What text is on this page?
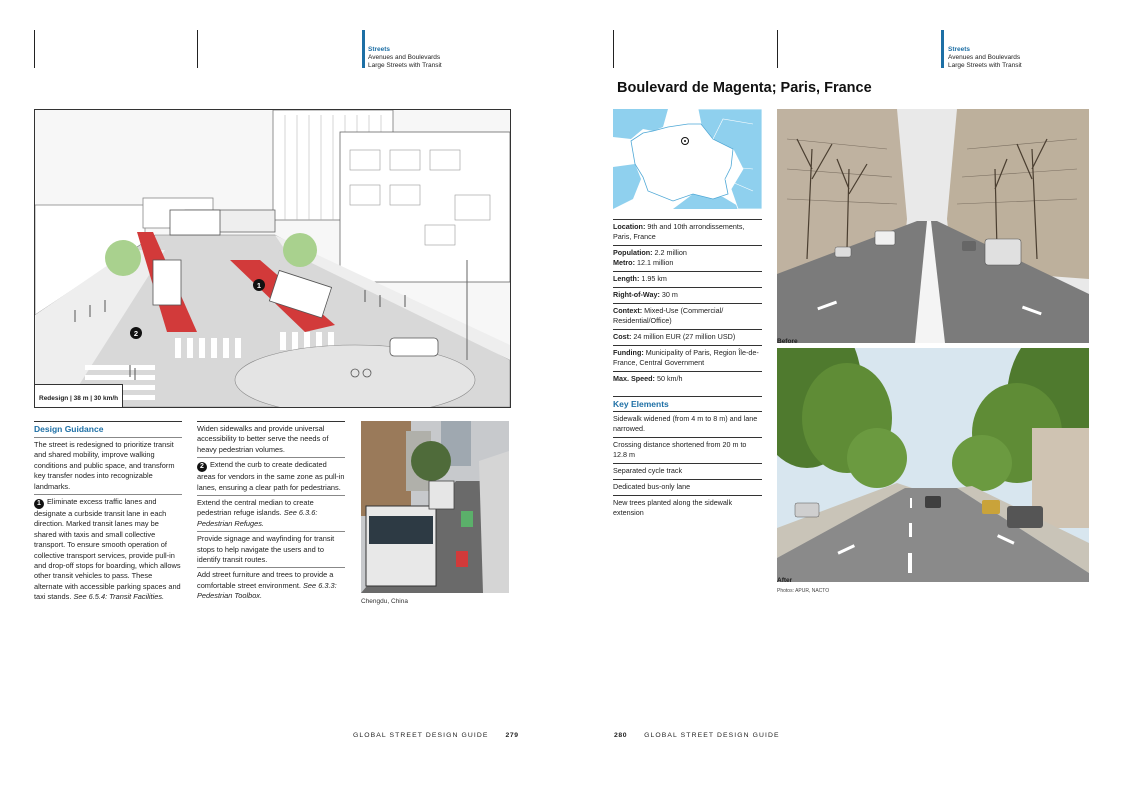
Streets
Avenues and Boulevards
Large Streets with Transit
1
2
Redesign | 38 m | 30 km/h
Design Guidance
The street is redesigned to prioritize transit and shared mobility, improve walking conditions and public space, and transform key transfer nodes into recognizable landmarks.
1 Eliminate excess traffic lanes and designate a curbside transit lane in each direction. Marked transit lanes may be shared with taxis and small collective transport. To ensure smooth operation of collective transport services, provide pull-in and drop-off stops for boarding, which allows other transit vehicles to pass. These alternate with accessible parking spaces and taxi stands. See 6.5.4: Transit Facilities.
Widen sidewalks and provide universal accessibility to better serve the needs of heavy pedestrian volumes.
2 Extend the curb to create dedicated areas for vendors in the same zone as pull-in lanes, ensuring a clear path for pedestrians.
Extend the central median to create pedestrian refuge islands. See 6.3.6: Pedestrian Refuges.
Provide signage and wayfinding for transit stops to help navigate the users and to identify transit routes.
Add street furniture and trees to provide a comfortable street environment. See 6.3.3: Pedestrian Toolbox.
Chengdu, China
GLOBAL STREET DESIGN GUIDE	279
Streets
Avenues and Boulevards
Large Streets with Transit
Boulevard de Magenta; Paris, France
Location: 9th and 10th arrondissements, Paris, France
Population: 2.2 million
Metro: 12.1 million
Length: 1.95 km
Right-of-Way: 30 m
Context: Mixed-Use (Commercial/ Residential/Office)
Cost: 24 million EUR (27 million USD)
Funding: Municipality of Paris, Region Île-de-France, Central Government
Max. Speed: 50 km/h
Key Elements
Sidewalk widened (from 4 m to 8 m) and lane narrowed.
Crossing distance shortened from 20 m to 12.8 m
Separated cycle track
Dedicated bus-only lane
New trees planted along the sidewalk extension
Before
After
Photos: APUR, NACTO
280	GLOBAL STREET DESIGN GUIDE
